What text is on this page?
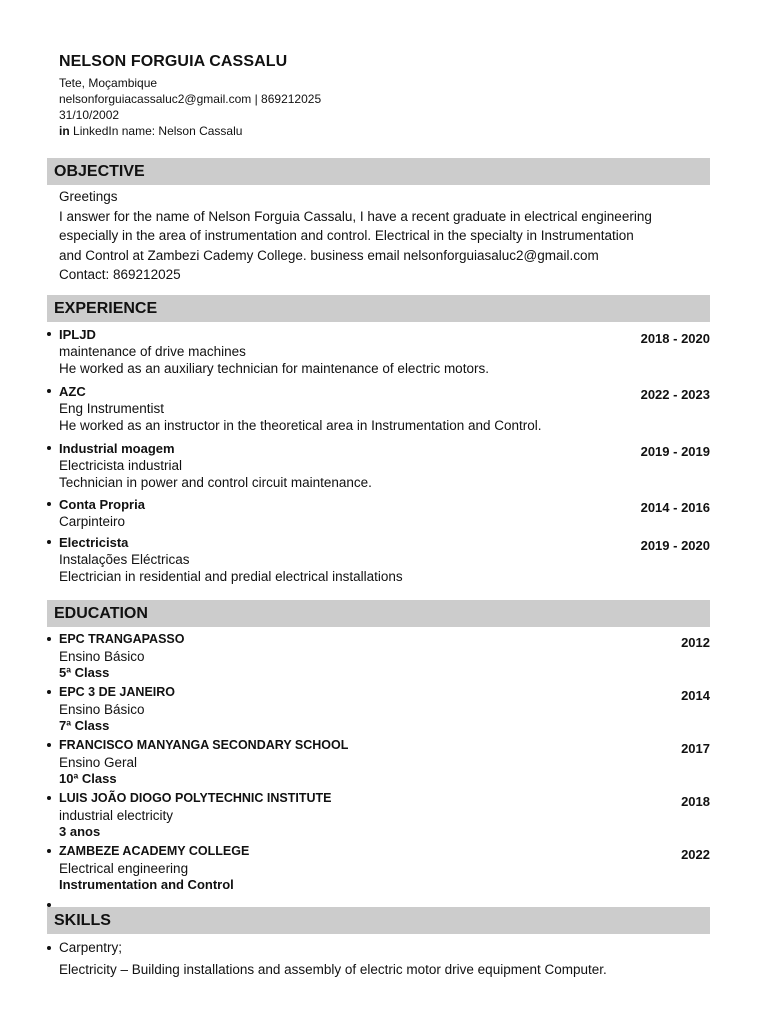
NELSON FORGUIA CASSALU
Tete, Moçambique
nelsonforguiacassaluc2@gmail.com | 869212025
31/10/2002
in LinkedIn name: Nelson Cassalu
OBJECTIVE
Greetings
I answer for the name of Nelson Forguia Cassalu, I have a recent graduate in electrical engineering
especially in the area of instrumentation and control. Electrical in the specialty in Instrumentation
and Control at Zambezi Cademy College. business email nelsonforguiasaluc2@gmail.com
Contact: 869212025
EXPERIENCE
2018 - 2020
IPLJD
maintenance of drive machines
He worked as an auxiliary technician for maintenance of electric motors.
2022 - 2023
AZC
Eng Instrumentist
He worked as an instructor in the theoretical area in Instrumentation and Control.
2019 - 2019
Industrial moagem
Electricista industrial
Technician in power and control circuit maintenance.
2014 - 2016
Conta Propria
Carpinteiro
2019 - 2020
Electricista
Instalações Eléctricas
Electrician in residential and predial electrical installations
EDUCATION
2012
EPC TRANGAPASSO
Ensino Básico
5ª Class
2014
EPC 3 DE JANEIRO
Ensino Básico
7ª Class
2017
FRANCISCO MANYANGA SECONDARY SCHOOL
Ensino Geral
10ª Class
2018
LUIS JOÃO DIOGO POLYTECHNIC INSTITUTE
industrial electricity
3 anos
2022
ZAMBEZE ACADEMY COLLEGE
Electrical engineering
Instrumentation and Control
SKILLS
Carpentry;
Electricity – Building installations and assembly of electric motor drive equipment Computer.
